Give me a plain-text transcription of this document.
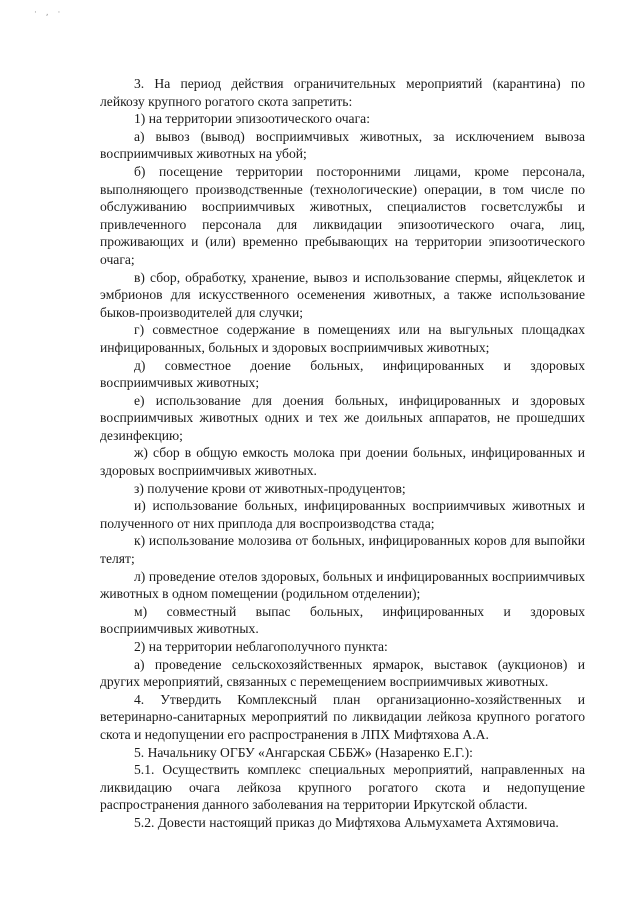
· , ·

3. На период действия ограничительных мероприятий (карантина) по лейкозу крупного рогатого скота запретить:

1) на территории эпизоотического очага:

а) вывоз (вывод) восприимчивых животных, за исключением вывоза восприимчивых животных на убой;

б) посещение территории посторонними лицами, кроме персонала, выполняющего производственные (технологические) операции, в том числе по обслуживанию восприимчивых животных, специалистов госветслужбы и привлеченного персонала для ликвидации эпизоотического очага, лиц, проживающих и (или) временно пребывающих на территории эпизоотического очага;

в) сбор, обработку, хранение, вывоз и использование спермы, яйцеклеток и эмбрионов для искусственного осеменения животных, а также использование быков-производителей для случки;

г) совместное содержание в помещениях или на выгульных площадках инфицированных, больных и здоровых восприимчивых животных;

д) совместное доение больных, инфицированных и здоровых восприимчивых животных;

е) использование для доения больных, инфицированных и здоровых восприимчивых животных одних и тех же доильных аппаратов, не прошедших дезинфекцию;

ж) сбор в общую емкость молока при доении больных, инфицированных и здоровых восприимчивых животных.

з) получение крови от животных-продуцентов;

и) использование больных, инфицированных восприимчивых животных и полученного от них приплода для воспроизводства стада;

к) использование молозива от больных, инфицированных коров для выпойки телят;

л) проведение отелов здоровых, больных и инфицированных восприимчивых животных в одном помещении (родильном отделении);

м) совместный выпас больных, инфицированных и здоровых восприимчивых животных.

2) на территории неблагополучного пункта:

а) проведение сельскохозяйственных ярмарок, выставок (аукционов) и других мероприятий, связанных с перемещением восприимчивых животных.

4. Утвердить Комплексный план организационно-хозяйственных и ветеринарно-санитарных мероприятий по ликвидации лейкоза крупного рогатого скота и недопущении его распространения в ЛПХ Мифтяхова А.А.

5. Начальнику ОГБУ «Ангарская СББЖ» (Назаренко Е.Г.):

5.1. Осуществить комплекс специальных мероприятий, направленных на ликвидацию очага лейкоза крупного рогатого скота и недопущение распространения данного заболевания на территории Иркутской области.

5.2. Довести настоящий приказ до Мифтяхова Альмухамета Ахтямовича.
